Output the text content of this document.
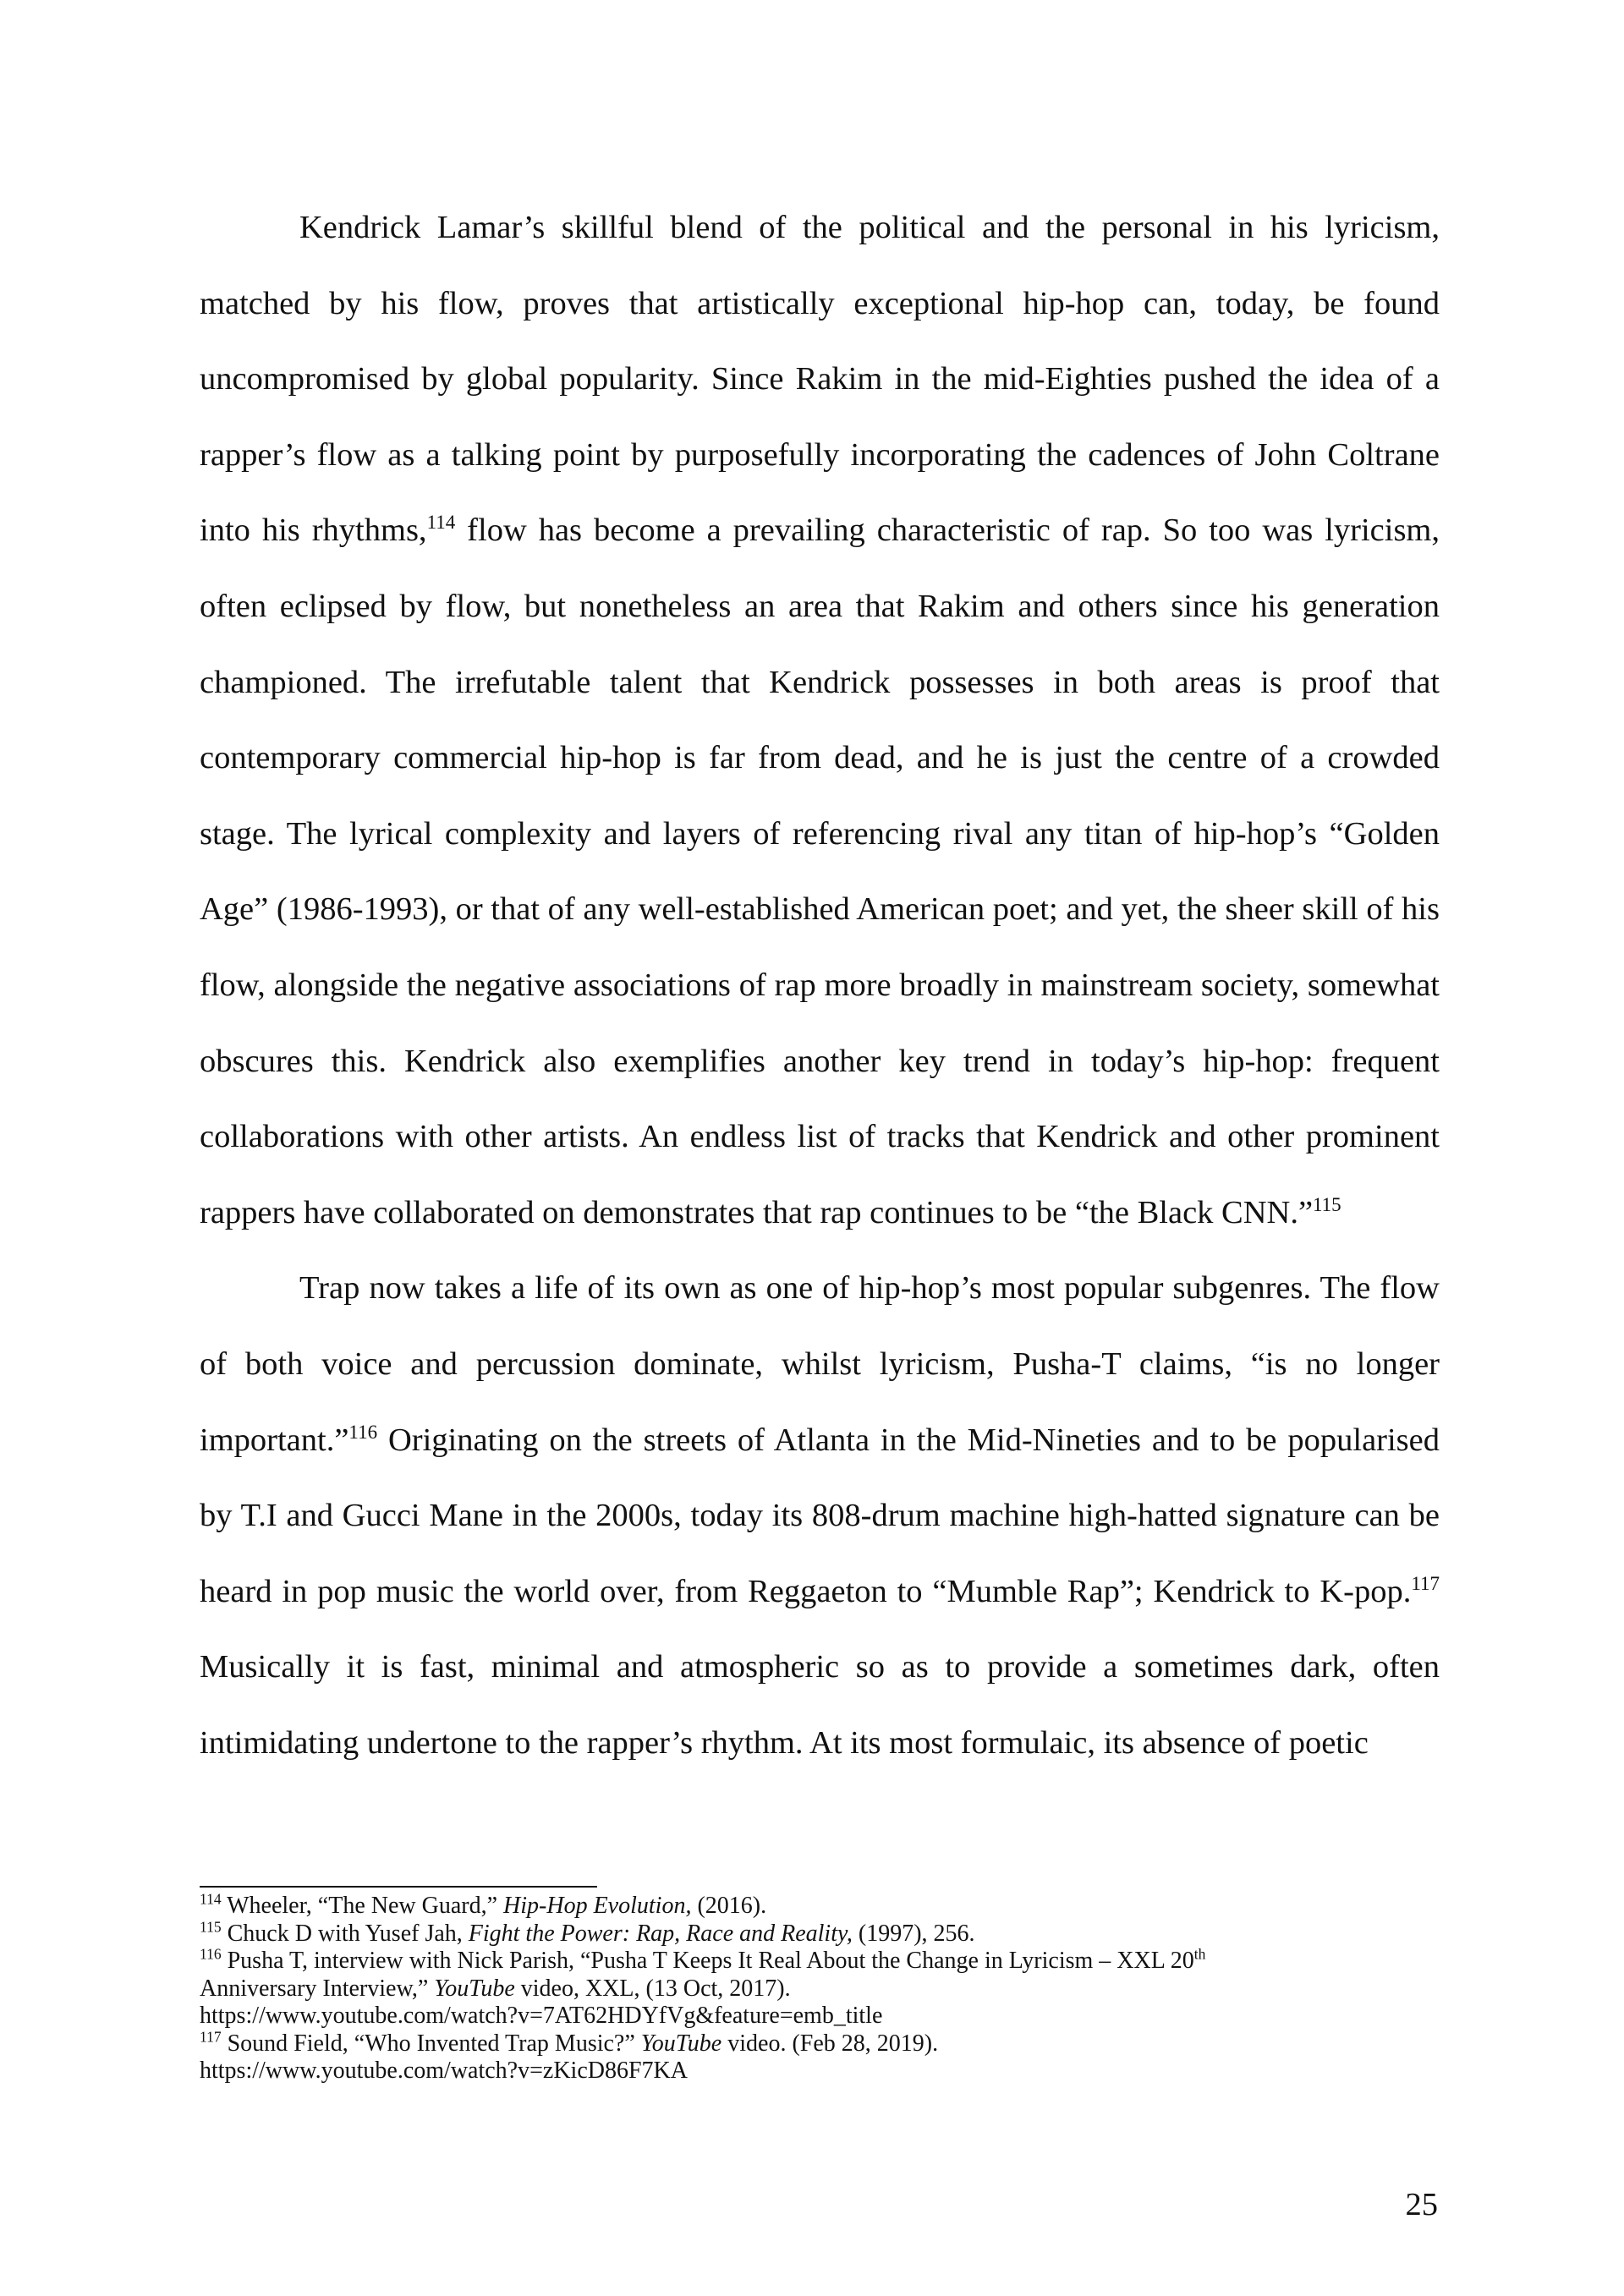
Kendrick Lamar’s skillful blend of the political and the personal in his lyricism, matched by his flow, proves that artistically exceptional hip-hop can, today, be found uncompromised by global popularity. Since Rakim in the mid-Eighties pushed the idea of a rapper’s flow as a talking point by purposefully incorporating the cadences of John Coltrane into his rhythms,$^{114}$ flow has become a prevailing characteristic of rap. So too was lyricism, often eclipsed by flow, but nonetheless an area that Rakim and others since his generation championed. The irrefutable talent that Kendrick possesses in both areas is proof that contemporary commercial hip-hop is far from dead, and he is just the centre of a crowded stage. The lyrical complexity and layers of referencing rival any titan of hip-hop’s “Golden Age” (1986-1993), or that of any well-established American poet; and yet, the sheer skill of his flow, alongside the negative associations of rap more broadly in mainstream society, somewhat obscures this. Kendrick also exemplifies another key trend in today’s hip-hop: frequent collaborations with other artists. An endless list of tracks that Kendrick and other prominent rappers have collaborated on demonstrates that rap continues to be “the Black CNN.”$^{115}$

Trap now takes a life of its own as one of hip-hop’s most popular subgenres. The flow of both voice and percussion dominate, whilst lyricism, Pusha-T claims, “is no longer important.”$^{116}$ Originating on the streets of Atlanta in the Mid-Nineties and to be popularised by T.I and Gucci Mane in the 2000s, today its 808-drum machine high-hatted signature can be heard in pop music the world over, from Reggaeton to “Mumble Rap”; Kendrick to K-pop.$^{117}$ Musically it is fast, minimal and atmospheric so as to provide a sometimes dark, often intimidating undertone to the rapper’s rhythm. At its most formulaic, its absence of poetic

$^{114}$ Wheeler, “The New Guard,” Hip-Hop Evolution, (2016).

$^{115}$ Chuck D with Yusef Jah, Fight the Power: Rap, Race and Reality, (1997), 256.

$^{116}$ Pusha T, interview with Nick Parish, “Pusha T Keeps It Real About the Change in Lyricism – XXL 20th

Anniversary Interview,” YouTube video, XXL, (13 Oct, 2017).

https://www.youtube.com/watch?v=7AT62HDYfVg&feature=emb_title

$^{117}$ Sound Field, “Who Invented Trap Music?” YouTube video. (Feb 28, 2019).

https://www.youtube.com/watch?v=zKicD86F7KA

25
